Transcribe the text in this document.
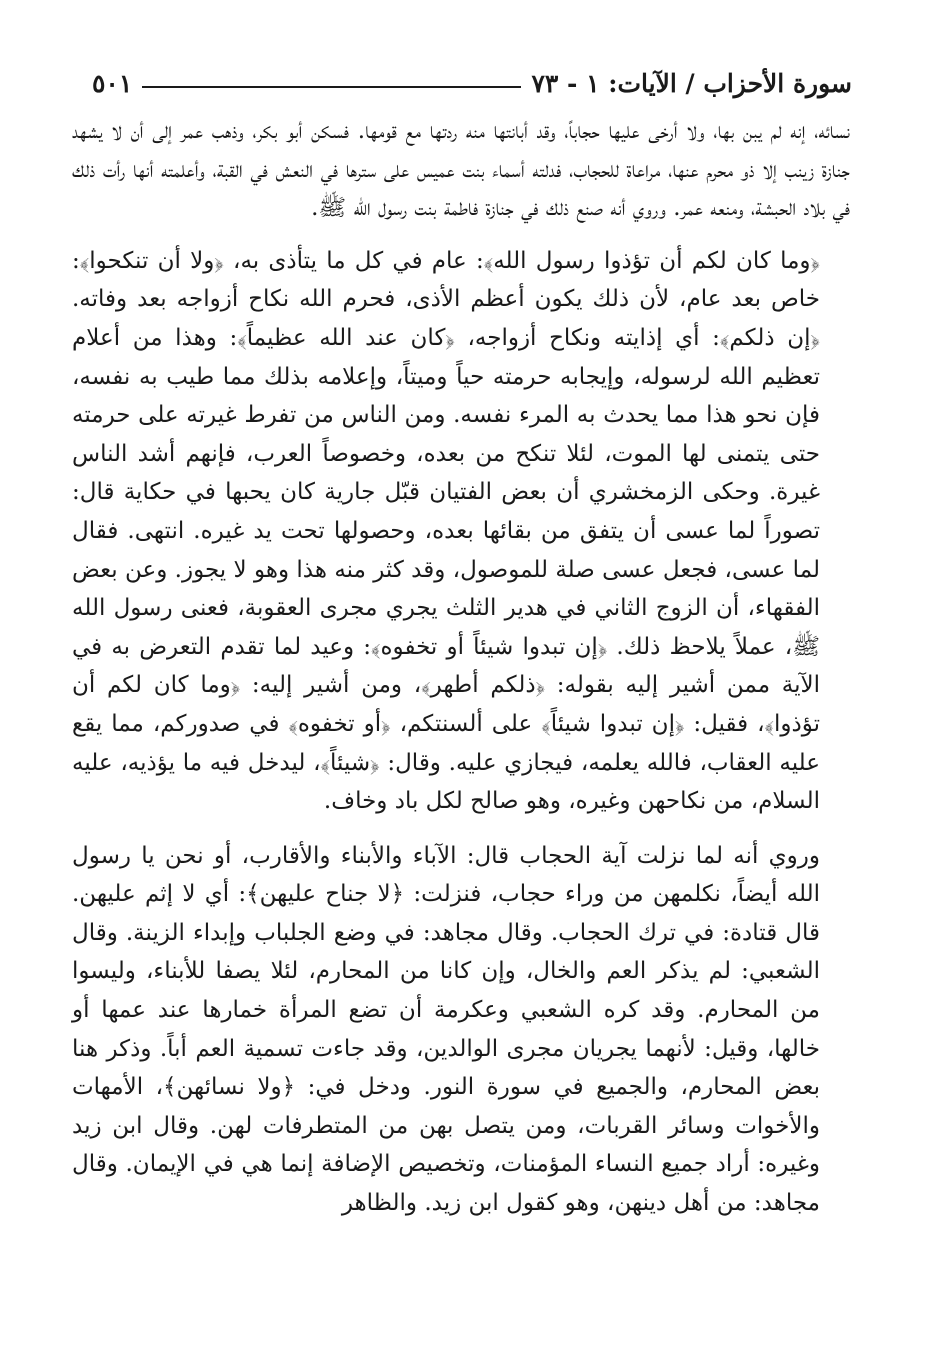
سورة الأحزاب / الآيات: ١ - ٧٣
٥٠١

نسائه، إنه لم يبن بها، ولا أرخى عليها حجاباً، وقد أبانتها منه ردتها مع قومها. فسكن أبو بكر، وذهب عمر إلى أن لا يشهد جنازة زينب إلا ذو محرم عنها، مراعاة للحجاب، فدلته أسماء بنت عميس على سترها في النعش في القبة، وأعلمته أنها رأت ذلك في بلاد الحبشة، ومنعه عمر. وروي أنه صنع ذلك في جنازة فاطمة بنت رسول الله ﷺ.

﴿وما كان لكم أن تؤذوا رسول الله﴾: عام في كل ما يتأذى به، ﴿ولا أن تنكحوا﴾: خاص بعد عام، لأن ذلك يكون أعظم الأذى، فحرم الله نكاح أزواجه بعد وفاته. ﴿إن ذلكم﴾: أي إذايته ونكاح أزواجه، ﴿كان عند الله عظيماً﴾: وهذا من أعلام تعظيم الله لرسوله، وإيجابه حرمته حياً وميتاً، وإعلامه بذلك مما طيب به نفسه، فإن نحو هذا مما يحدث به المرء نفسه. ومن الناس من تفرط غيرته على حرمته حتى يتمنى لها الموت، لئلا تنكح من بعده، وخصوصاً العرب، فإنهم أشد الناس غيرة. وحكى الزمخشري أن بعض الفتيان قبّل جارية كان يحبها في حكاية قال: تصوراً لما عسى أن يتفق من بقائها بعده، وحصولها تحت يد غيره. انتهى. فقال لما عسى، فجعل عسى صلة للموصول، وقد كثر منه هذا وهو لا يجوز. وعن بعض الفقهاء، أن الزوج الثاني في هدير الثلث يجري مجرى العقوبة، فعنى رسول الله ﷺ، عملاً يلاحظ ذلك. ﴿إن تبدوا شيئاً أو تخفوه﴾: وعيد لما تقدم التعرض به في الآية ممن أشير إليه بقوله: ﴿ذلكم أطهر﴾، ومن أشير إليه: ﴿وما كان لكم أن تؤذوا﴾، فقيل: ﴿إن تبدوا شيئاً﴾ على ألسنتكم، ﴿أو تخفوه﴾ في صدوركم، مما يقع عليه العقاب، فالله يعلمه، فيجازي عليه. وقال: ﴿شيئاً﴾، ليدخل فيه ما يؤذيه، عليه السلام، من نكاحهن وغيره، وهو صالح لكل باد وخاف.

وروي أنه لما نزلت آية الحجاب قال: الآباء والأبناء والأقارب، أو نحن يا رسول الله أيضاً، نكلمهن من وراء حجاب، فنزلت: ﴿لا جناح عليهن﴾: أي لا إثم عليهن. قال قتادة: في ترك الحجاب. وقال مجاهد: في وضع الجلباب وإبداء الزينة. وقال الشعبي: لم يذكر العم والخال، وإن كانا من المحارم، لئلا يصفا للأبناء، وليسوا من المحارم. وقد كره الشعبي وعكرمة أن تضع المرأة خمارها عند عمها أو خالها، وقيل: لأنهما يجريان مجرى الوالدين، وقد جاءت تسمية العم أباً. وذكر هنا بعض المحارم، والجميع في سورة النور. ودخل في: ﴿ولا نسائهن﴾، الأمهات والأخوات وسائر القربات، ومن يتصل بهن من المتطرفات لهن. وقال ابن زيد وغيره: أراد جميع النساء المؤمنات، وتخصيص الإضافة إنما هي في الإيمان. وقال مجاهد: من أهل دينهن، وهو كقول ابن زيد. والظاهر
